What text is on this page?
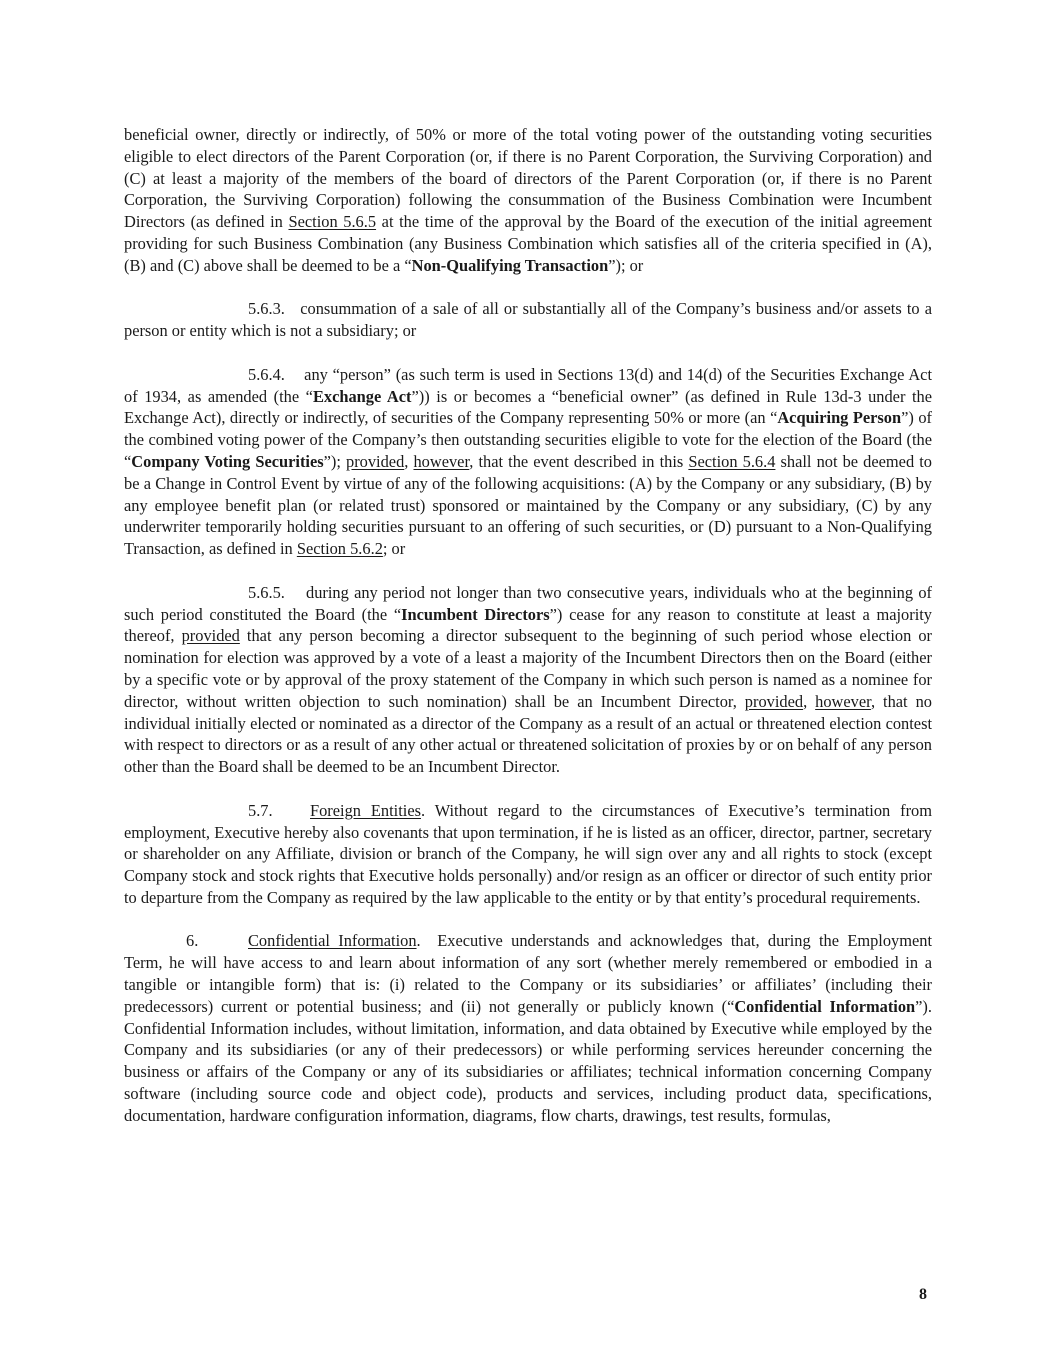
beneficial owner, directly or indirectly, of 50% or more of the total voting power of the outstanding voting securities eligible to elect directors of the Parent Corporation (or, if there is no Parent Corporation, the Surviving Corporation) and (C) at least a majority of the members of the board of directors of the Parent Corporation (or, if there is no Parent Corporation, the Surviving Corporation) following the consummation of the Business Combination were Incumbent Directors (as defined in Section 5.6.5 at the time of the approval by the Board of the execution of the initial agreement providing for such Business Combination (any Business Combination which satisfies all of the criteria specified in (A), (B) and (C) above shall be deemed to be a “Non-Qualifying Transaction”); or

5.6.3. consummation of a sale of all or substantially all of the Company’s business and/or assets to a person or entity which is not a subsidiary; or

5.6.4. any “person” (as such term is used in Sections 13(d) and 14(d) of the Securities Exchange Act of 1934, as amended (the “Exchange Act”)) is or becomes a “beneficial owner” (as defined in Rule 13d-3 under the Exchange Act), directly or indirectly, of securities of the Company representing 50% or more (an “Acquiring Person”) of the combined voting power of the Company’s then outstanding securities eligible to vote for the election of the Board (the “Company Voting Securities”); provided, however, that the event described in this Section 5.6.4 shall not be deemed to be a Change in Control Event by virtue of any of the following acquisitions: (A) by the Company or any subsidiary, (B) by any employee benefit plan (or related trust) sponsored or maintained by the Company or any subsidiary, (C) by any underwriter temporarily holding securities pursuant to an offering of such securities, or (D) pursuant to a Non-Qualifying Transaction, as defined in Section 5.6.2; or

5.6.5. during any period not longer than two consecutive years, individuals who at the beginning of such period constituted the Board (the “Incumbent Directors”) cease for any reason to constitute at least a majority thereof, provided that any person becoming a director subsequent to the beginning of such period whose election or nomination for election was approved by a vote of a least a majority of the Incumbent Directors then on the Board (either by a specific vote or by approval of the proxy statement of the Company in which such person is named as a nominee for director, without written objection to such nomination) shall be an Incumbent Director, provided, however, that no individual initially elected or nominated as a director of the Company as a result of an actual or threatened election contest with respect to directors or as a result of any other actual or threatened solicitation of proxies by or on behalf of any person other than the Board shall be deemed to be an Incumbent Director.

5.7. Foreign Entities. Without regard to the circumstances of Executive’s termination from employment, Executive hereby also covenants that upon termination, if he is listed as an officer, director, partner, secretary or shareholder on any Affiliate, division or branch of the Company, he will sign over any and all rights to stock (except Company stock and stock rights that Executive holds personally) and/or resign as an officer or director of such entity prior to departure from the Company as required by the law applicable to the entity or by that entity’s procedural requirements.

6.	Confidential Information.  Executive understands and acknowledges that, during the Employment Term, he will have access to and learn about information of any sort (whether merely remembered or embodied in a tangible or intangible form) that is: (i) related to the Company or its subsidiaries’ or affiliates’ (including their predecessors) current or potential business; and (ii) not generally or publicly known (“Confidential Information”). Confidential Information includes, without limitation, information, and data obtained by Executive while employed by the Company and its subsidiaries (or any of their predecessors) or while performing services hereunder concerning the business or affairs of the Company or any of its subsidiaries or affiliates; technical information concerning Company software (including source code and object code), products and services, including product data, specifications, documentation, hardware configuration information, diagrams, flow charts, drawings, test results, formulas,

8
